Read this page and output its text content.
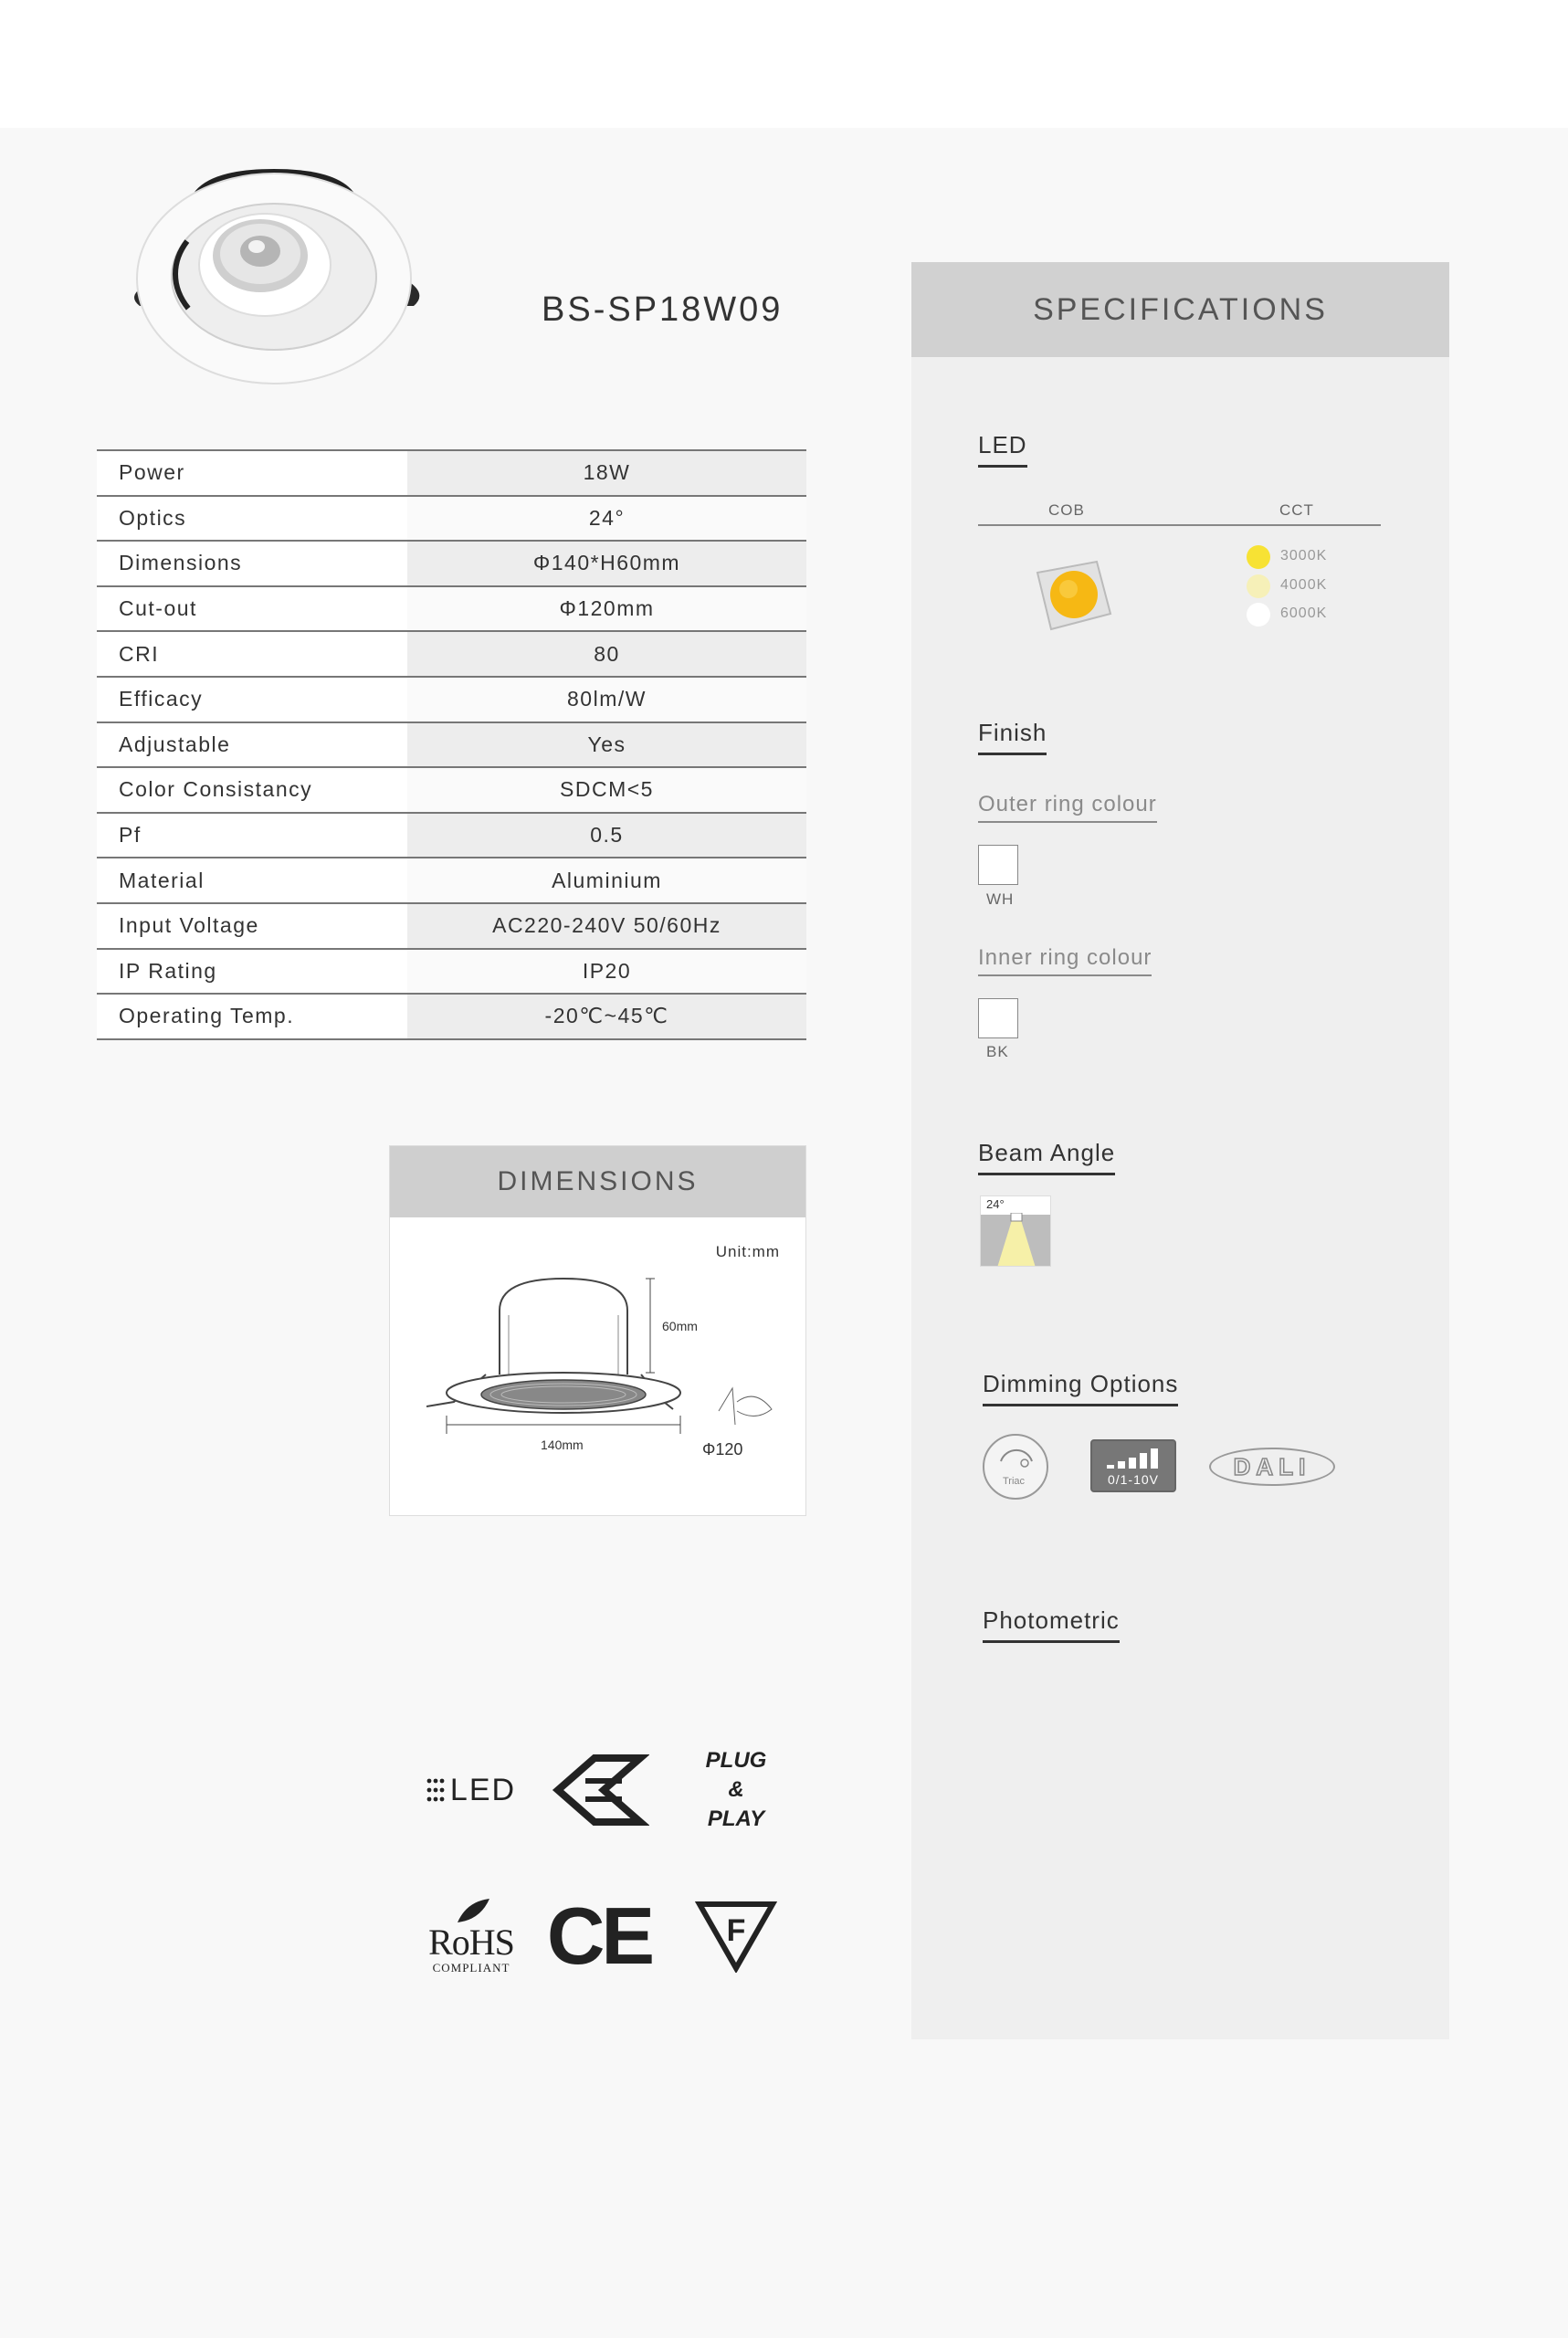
BS-SP18W09
Power	18W
Optics	24°
Dimensions	Φ140*H60mm
Cut-out	Φ120mm
CRI	80
Efficacy	80lm/W
Adjustable	Yes
Color Consistancy	SDCM<5
Pf	0.5
Material	Aluminium
Input Voltage	AC220-240V 50/60Hz
IP Rating	IP20
Operating Temp.	-20℃~45℃
DIMENSIONS
Unit:mm
60mm
140mm	Φ120
LED
PLUG
&
PLAY
RoHS
COMPLIANT CE	F
SPECIFICATIONS
LED
COB	CCT
3000K
4000K
6000K
Finish
Outer ring colour
WH
Inner ring colour
BK
Beam Angle
24°
Dimming Options
Triac	0/1-10V	DALI
Photometric
